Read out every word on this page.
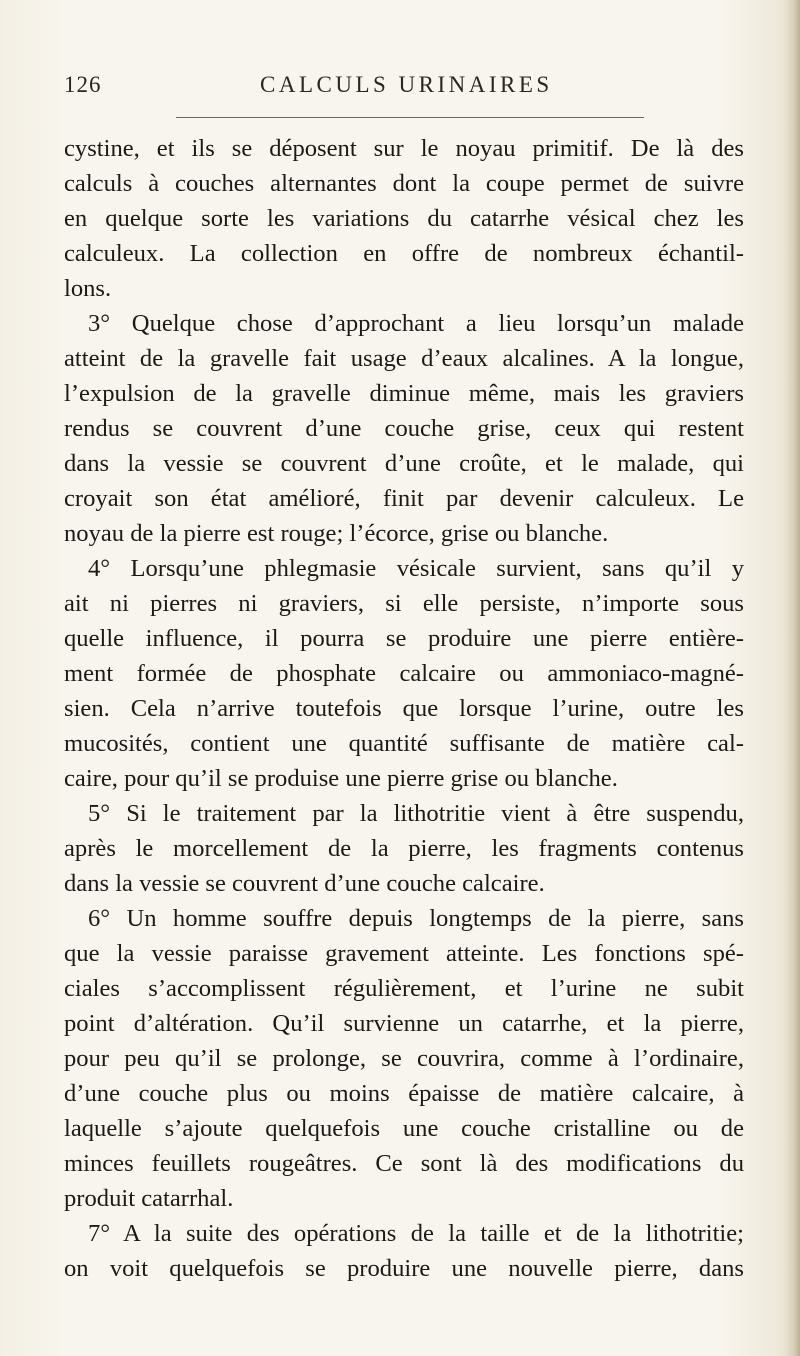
126	CALCULS URINAIRES
cystine, et ils se déposent sur le noyau primitif. De là des
calculs à couches alternantes dont la coupe permet de suivre
en quelque sorte les variations du catarrhe vésical chez les
calculeux. La collection en offre de nombreux échantil-
lons.
3° Quelque chose d’approchant a lieu lorsqu’un malade
atteint de la gravelle fait usage d’eaux alcalines. A la longue,
l’expulsion de la gravelle diminue même, mais les graviers
rendus se couvrent d’une couche grise, ceux qui restent
dans la vessie se couvrent d’une croûte, et le malade, qui
croyait son état amélioré, finit par devenir calculeux. Le
noyau de la pierre est rouge; l’écorce, grise ou blanche.
4° Lorsqu’une phlegmasie vésicale survient, sans qu’il y
ait ni pierres ni graviers, si elle persiste, n’importe sous
quelle influence, il pourra se produire une pierre entière-
ment formée de phosphate calcaire ou ammoniaco-magné-
sien. Cela n’arrive toutefois que lorsque l’urine, outre les
mucosités, contient une quantité suffisante de matière cal-
caire, pour qu’il se produise une pierre grise ou blanche.
5° Si le traitement par la lithotritie vient à être suspendu,
après le morcellement de la pierre, les fragments contenus
dans la vessie se couvrent d’une couche calcaire.
6° Un homme souffre depuis longtemps de la pierre, sans
que la vessie paraisse gravement atteinte. Les fonctions spé-
ciales s’accomplissent régulièrement, et l’urine ne subit
point d’altération. Qu’il survienne un catarrhe, et la pierre,
pour peu qu’il se prolonge, se couvrira, comme à l’ordinaire,
d’une couche plus ou moins épaisse de matière calcaire, à
laquelle s’ajoute quelquefois une couche cristalline ou de
minces feuillets rougeâtres. Ce sont là des modifications du
produit catarrhal.
7° A la suite des opérations de la taille et de la lithotritie;
on voit quelquefois se produire une nouvelle pierre, dans
